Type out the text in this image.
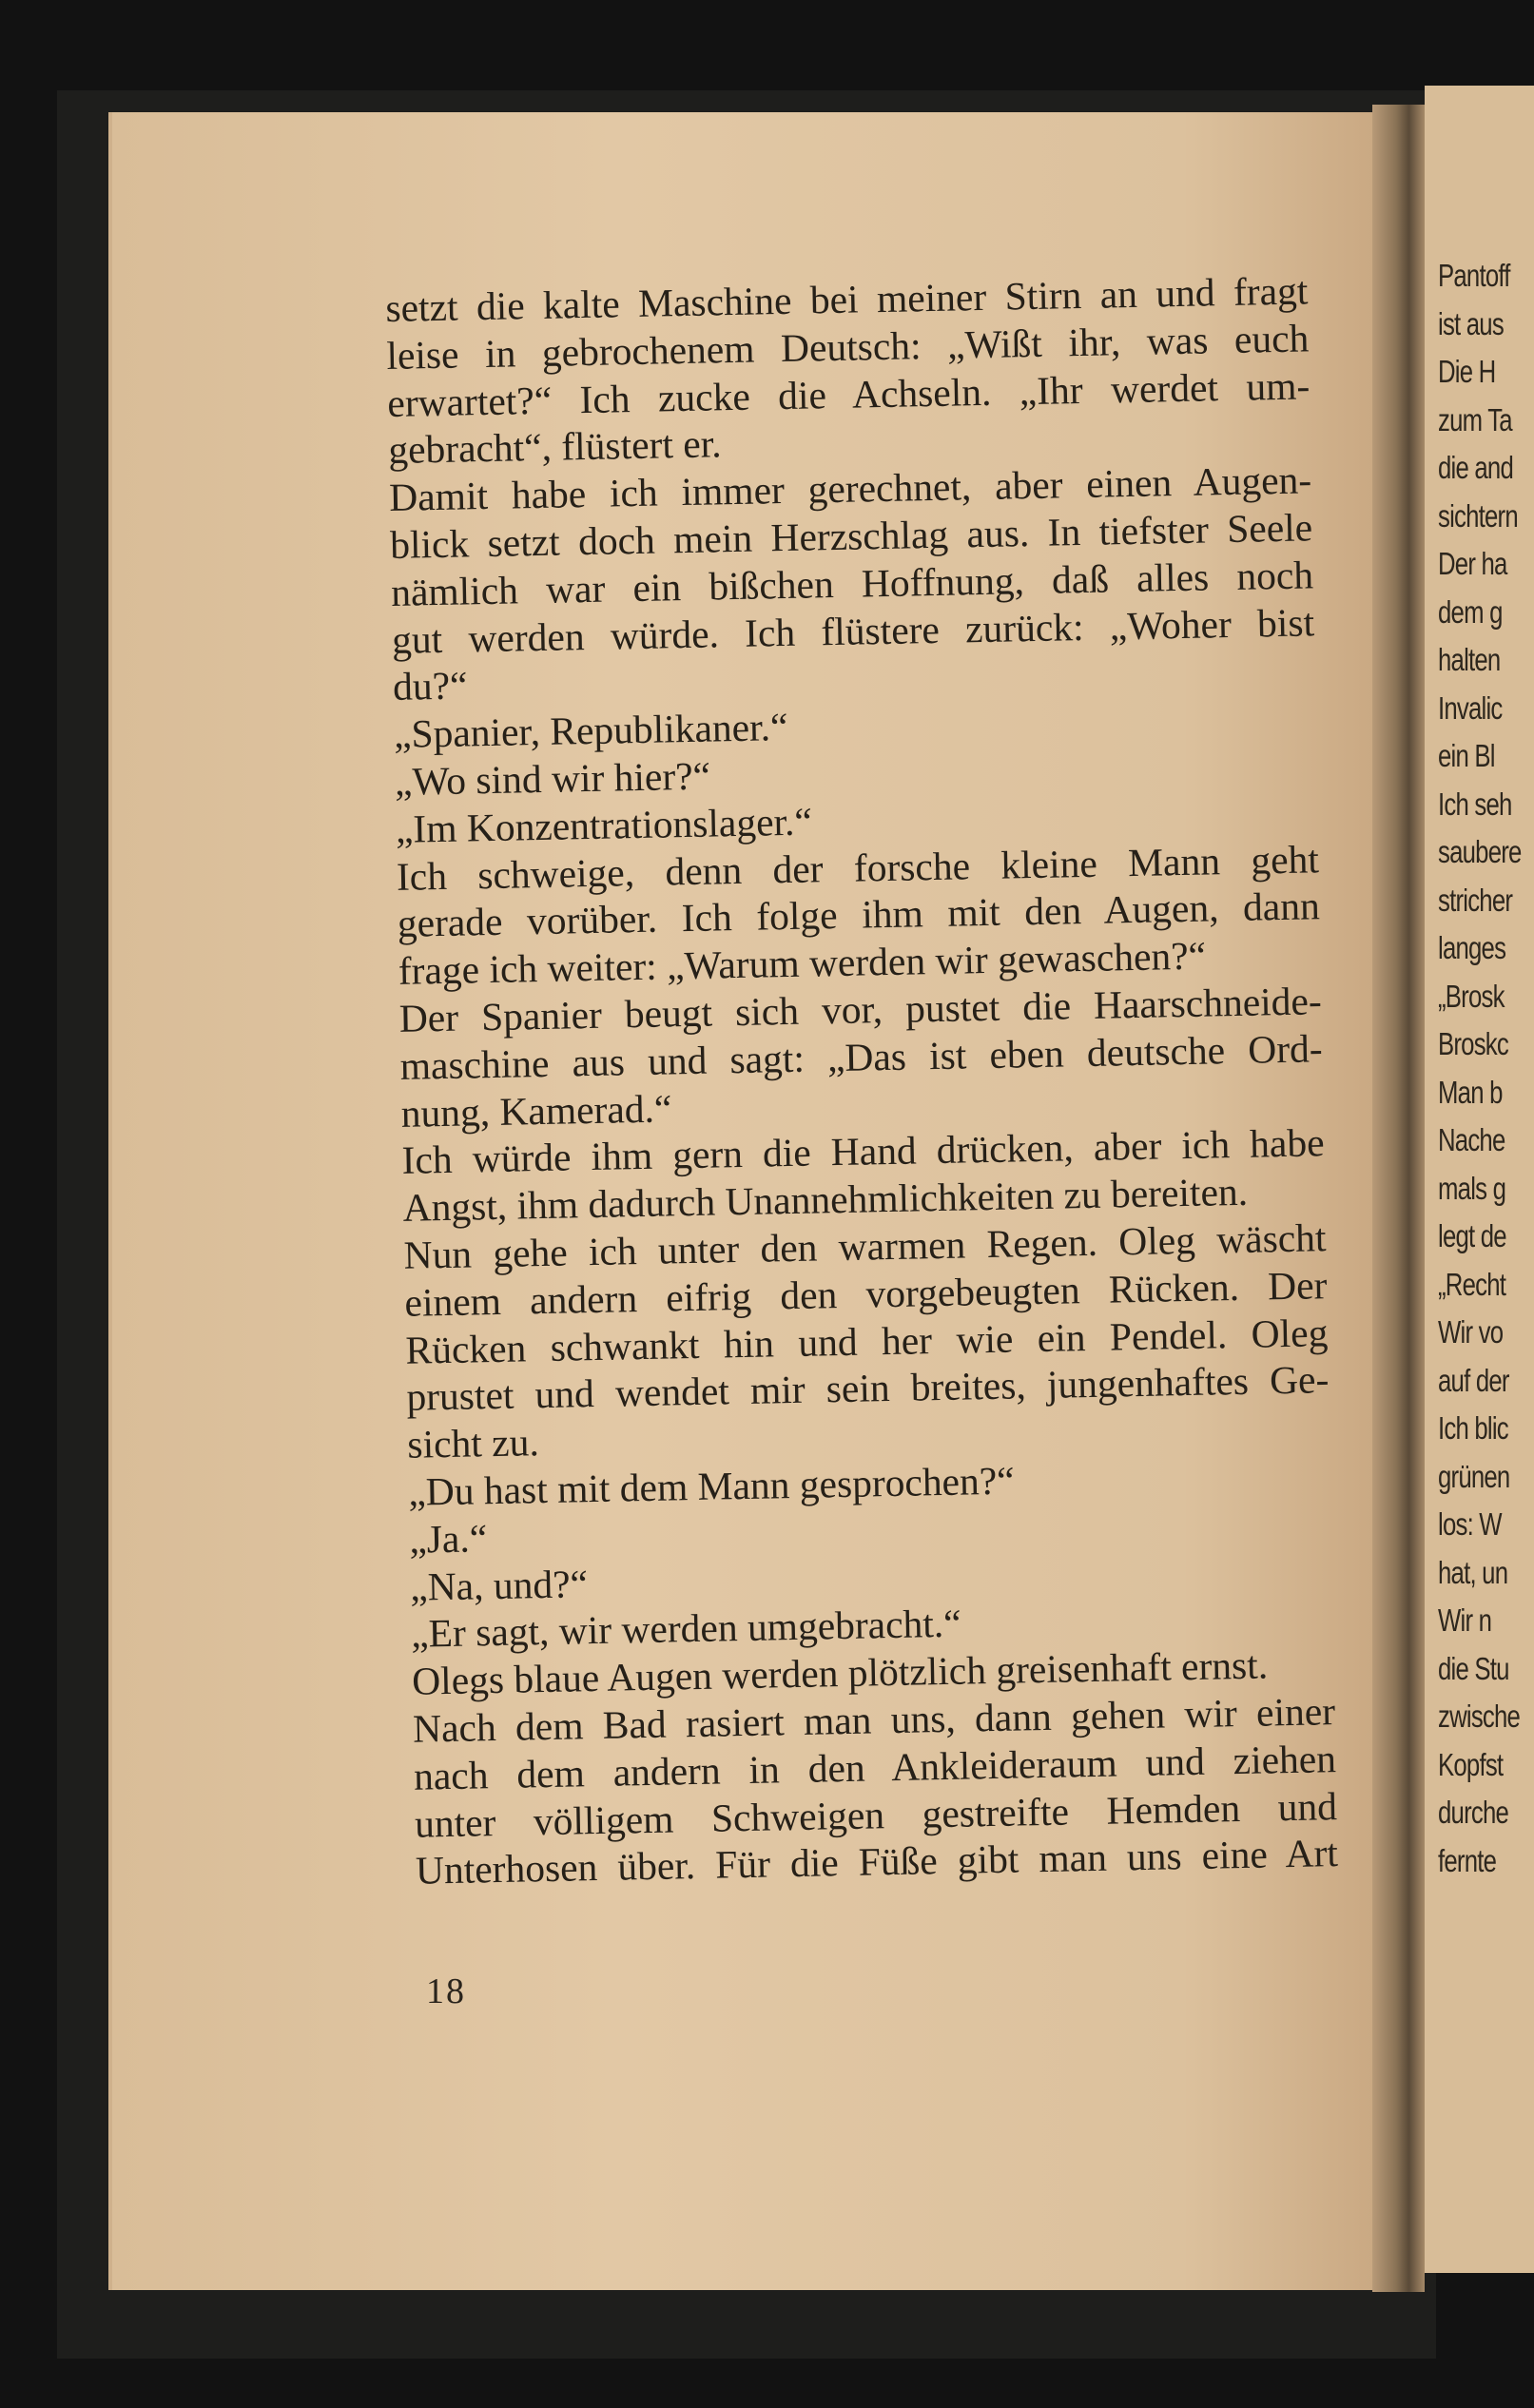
Pantoff
ist aus
Die H
zum Ta
die and
sichtern
Der ha
dem g
halten
Invalic
ein Bl
Ich seh
saubere
stricher
langes
„Brosk
Broskc
Man b
Nache
mals g
legt de
„Recht
Wir vo
auf der
Ich blic
grünen
los: W
hat, un
Wir n
die Stu
zwische
Kopfst
durche
fernte
setzt die kalte Maschine bei meiner Stirn an und fragt
leise in gebrochenem Deutsch: „Wißt ihr, was euch
erwartet?“ Ich zucke die Achseln. „Ihr werdet um-
gebracht“, flüstert er.
Damit habe ich immer gerechnet, aber einen Augen-
blick setzt doch mein Herzschlag aus. In tiefster Seele
nämlich war ein bißchen Hoffnung, daß alles noch
gut werden würde. Ich flüstere zurück: „Woher bist
du?“
„Spanier, Republikaner.“
„Wo sind wir hier?“
„Im Konzentrationslager.“
Ich schweige, denn der forsche kleine Mann geht
gerade vorüber. Ich folge ihm mit den Augen, dann
frage ich weiter: „Warum werden wir gewaschen?“
Der Spanier beugt sich vor, pustet die Haarschneide-
maschine aus und sagt: „Das ist eben deutsche Ord-
nung, Kamerad.“
Ich würde ihm gern die Hand drücken, aber ich habe
Angst, ihm dadurch Unannehmlichkeiten zu bereiten.
Nun gehe ich unter den warmen Regen. Oleg wäscht
einem andern eifrig den vorgebeugten Rücken. Der
Rücken schwankt hin und her wie ein Pendel. Oleg
prustet und wendet mir sein breites, jungenhaftes Ge-
sicht zu.
„Du hast mit dem Mann gesprochen?“
„Ja.“
„Na, und?“
„Er sagt, wir werden umgebracht.“
Olegs blaue Augen werden plötzlich greisenhaft ernst.
Nach dem Bad rasiert man uns, dann gehen wir einer
nach dem andern in den Ankleideraum und ziehen
unter völligem Schweigen gestreifte Hemden und
Unterhosen über. Für die Füße gibt man uns eine Art
18
